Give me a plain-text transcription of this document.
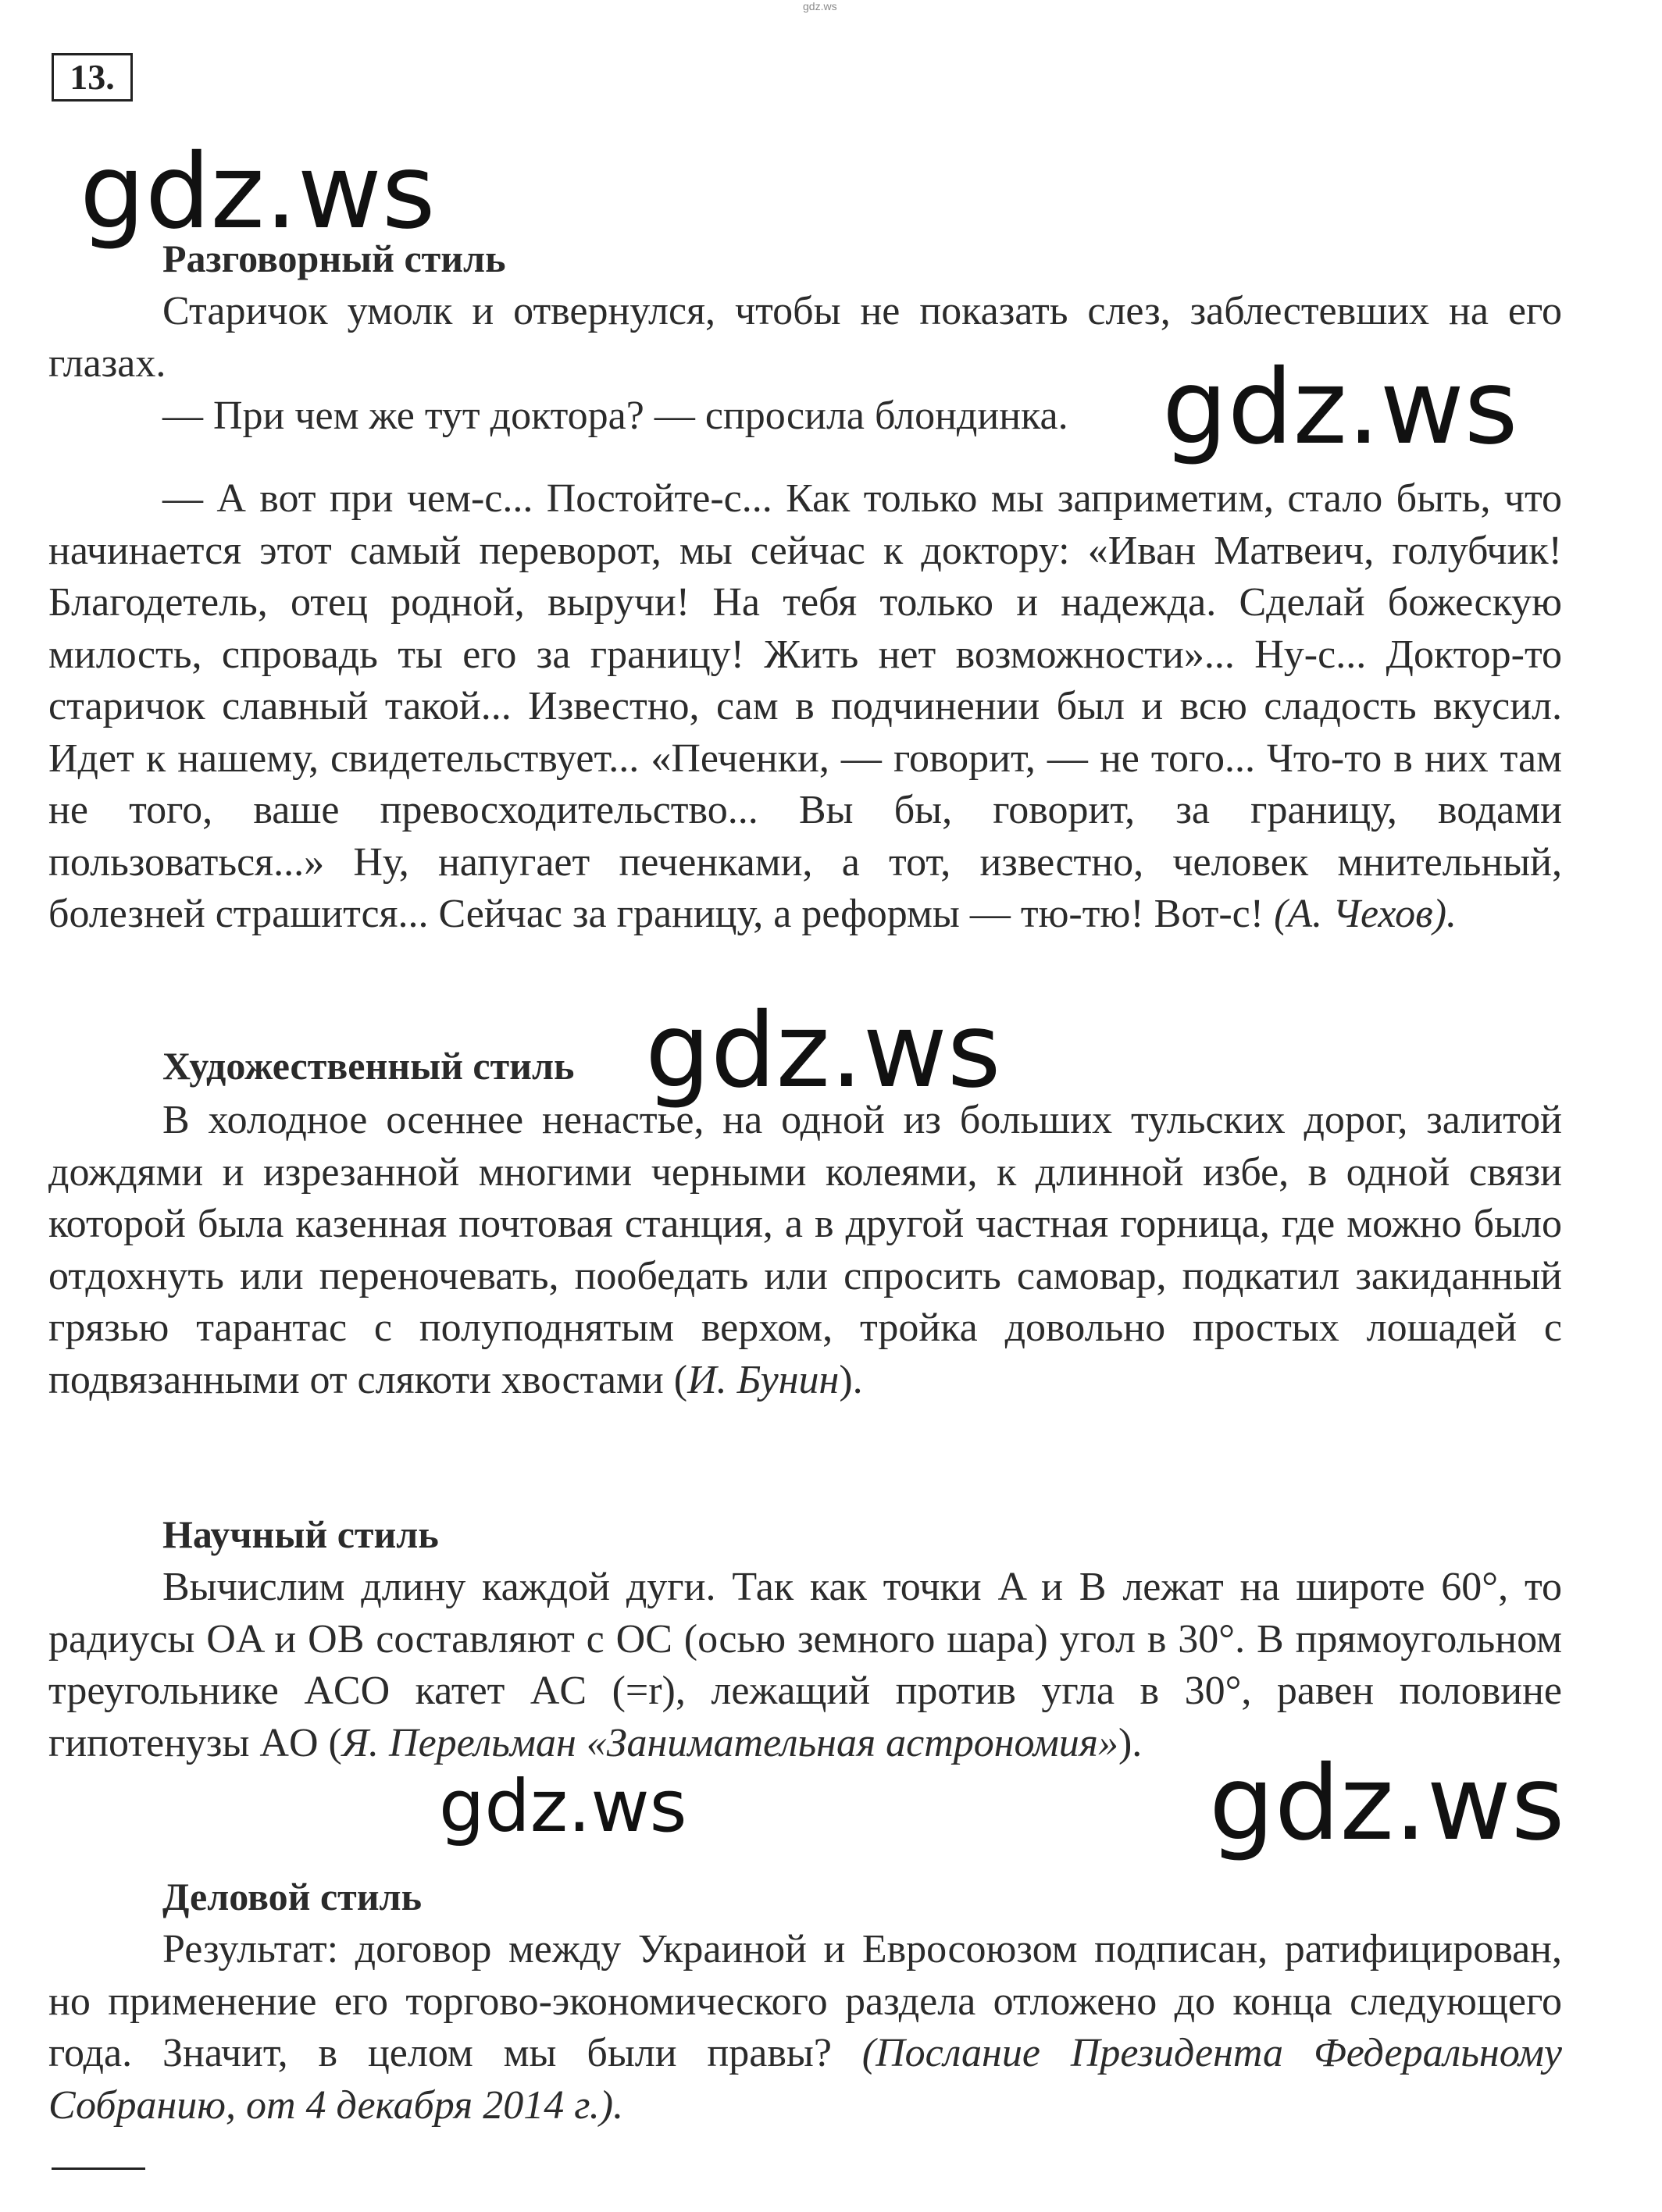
gdz.ws
13.
gdz.ws
gdz.ws
gdz.ws
gdz.ws	gdz.ws
Разговорный стиль

Старичок умолк и отвернулся, чтобы не показать слез, заблестевших на его глазах.

— При чем же тут доктора? — спросила блондинка.

— А вот при чем-с... Постойте-с... Как только мы заприметим, стало быть, что начинается этот самый переворот, мы сейчас к доктору: «Иван Матвеич, голубчик! Благодетель, отец родной, выручи! На тебя только и надежда. Сделай божескую милость, спровадь ты его за границу! Жить нет возможности»... Ну-с... Доктор-то старичок славный такой... Известно, сам в подчинении был и всю сладость вкусил. Идет к нашему, свидетельствует... «Печенки, — говорит, — не того... Что-то в них там не того, ваше превосходительство... Вы бы, говорит, за границу, водами пользоваться...» Ну, напугает печенками, а тот, известно, человек мнительный, болезней страшится... Сейчас за границу, а реформы — тю-тю! Вот-с! (А. Чехов).

Художественный стиль

В холодное осеннее ненастье, на одной из больших тульских дорог, залитой дождями и изрезанной многими черными колеями, к длинной избе, в одной связи которой была казенная почтовая станция, а в другой частная горница, где можно было отдохнуть или переночевать, пообедать или спросить самовар, подкатил закиданный грязью тарантас с полуподнятым верхом, тройка довольно простых лошадей с подвязанными от слякоти хвостами (И. Бунин).

Научный стиль

Вычислим длину каждой дуги. Так как точки A и B лежат на широте 60°, то радиусы OA и OB составляют с OC (осью земного шара) угол в 30°. В прямоугольном треугольнике ACO катет AC (=r), лежащий против угла в 30°, равен половине гипотенузы AO (Я. Перельман «Занимательная астрономия»).

Деловой стиль

Результат: договор между Украиной и Евросоюзом подписан, ратифицирован, но применение его торгово-экономического раздела отложено до конца следующего года. Значит, в целом мы были правы? (Послание Президента Федеральному Собранию, от 4 декабря 2014 г.).
